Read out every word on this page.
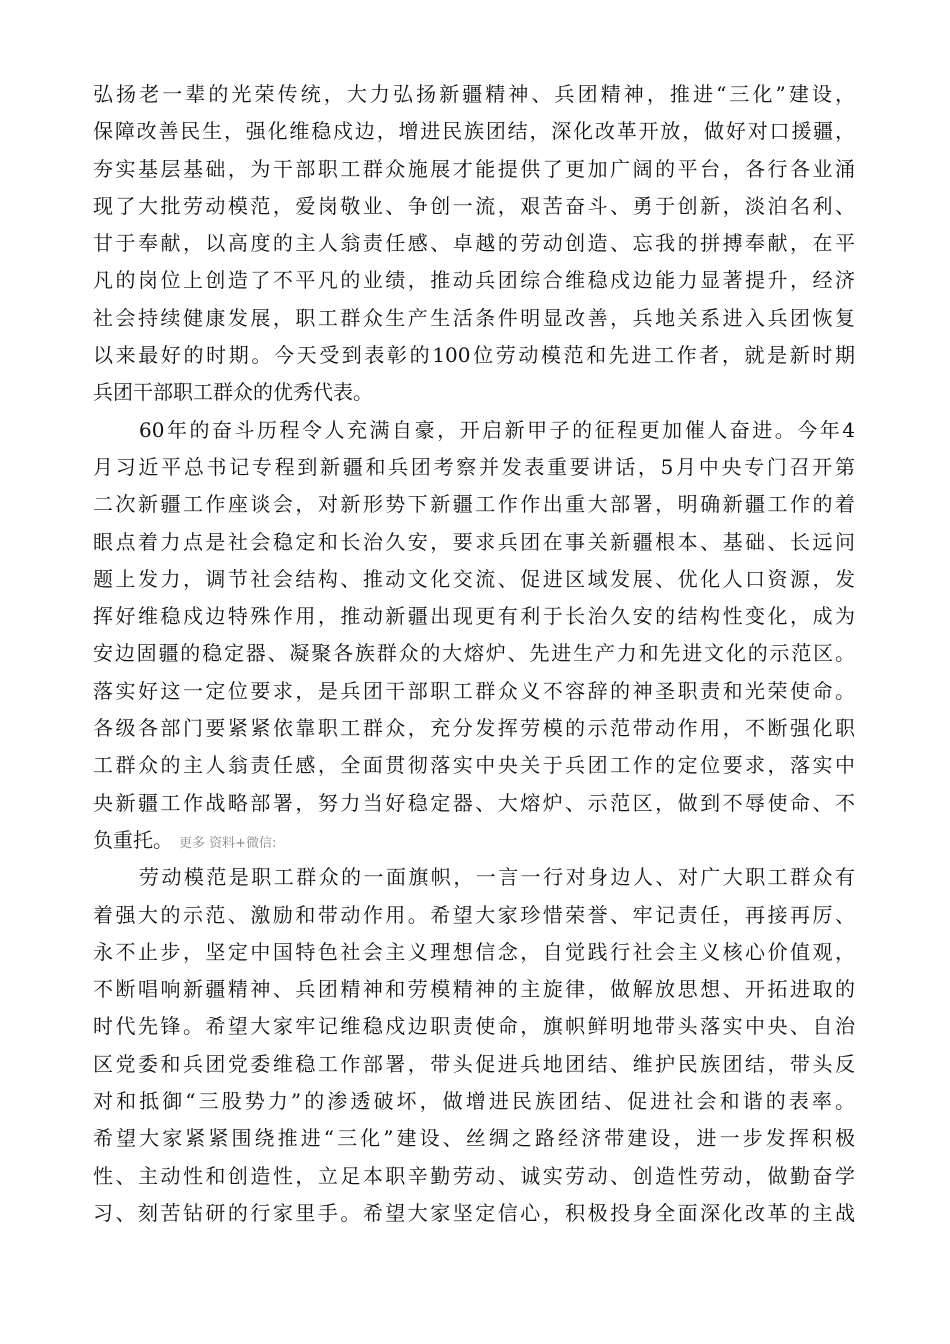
弘扬老一辈的光荣传统，大力弘扬新疆精神、兵团精神，推进“三化”建设，
保障改善民生，强化维稳戍边，增进民族团结，深化改革开放，做好对口援疆，
夯实基层基础，为干部职工群众施展才能提供了更加广阔的平台，各行各业涌
现了大批劳动模范，爱岗敬业、争创一流，艰苦奋斗、勇于创新，淡泊名利、
甘于奉献，以高度的主人翁责任感、卓越的劳动创造、忘我的拼搏奉献，在平
凡的岗位上创造了不平凡的业绩，推动兵团综合维稳戍边能力显著提升，经济
社会持续健康发展，职工群众生产生活条件明显改善，兵地关系进入兵团恢复
以来最好的时期。今天受到表彰的100位劳动模范和先进工作者，就是新时期
兵团干部职工群众的优秀代表。
60年的奋斗历程令人充满自豪，开启新甲子的征程更加催人奋进。今年4
月习近平总书记专程到新疆和兵团考察并发表重要讲话，5月中央专门召开第
二次新疆工作座谈会，对新形势下新疆工作作出重大部署，明确新疆工作的着
眼点着力点是社会稳定和长治久安，要求兵团在事关新疆根本、基础、长远问
题上发力，调节社会结构、推动文化交流、促进区域发展、优化人口资源，发
挥好维稳戍边特殊作用，推动新疆出现更有利于长治久安的结构性变化，成为
安边固疆的稳定器、凝聚各族群众的大熔炉、先进生产力和先进文化的示范区。
落实好这一定位要求，是兵团干部职工群众义不容辞的神圣职责和光荣使命。
各级各部门要紧紧依靠职工群众，充分发挥劳模的示范带动作用，不断强化职
工群众的主人翁责任感，全面贯彻落实中央关于兵团工作的定位要求，落实中
央新疆工作战略部署，努力当好稳定器、大熔炉、示范区，做到不辱使命、不
负重托。 更多 资料+微信:
劳动模范是职工群众的一面旗帜，一言一行对身边人、对广大职工群众有
着强大的示范、激励和带动作用。希望大家珍惜荣誉、牢记责任，再接再厉、
永不止步，坚定中国特色社会主义理想信念，自觉践行社会主义核心价值观，
不断唱响新疆精神、兵团精神和劳模精神的主旋律，做解放思想、开拓进取的
时代先锋。希望大家牢记维稳戍边职责使命，旗帜鲜明地带头落实中央、自治
区党委和兵团党委维稳工作部署，带头促进兵地团结、维护民族团结，带头反
对和抵御“三股势力”的渗透破坏，做增进民族团结、促进社会和谐的表率。
希望大家紧紧围绕推进“三化”建设、丝绸之路经济带建设，进一步发挥积极
性、主动性和创造性，立足本职辛勤劳动、诚实劳动、创造性劳动，做勤奋学
习、刻苦钻研的行家里手。希望大家坚定信心，积极投身全面深化改革的主战
